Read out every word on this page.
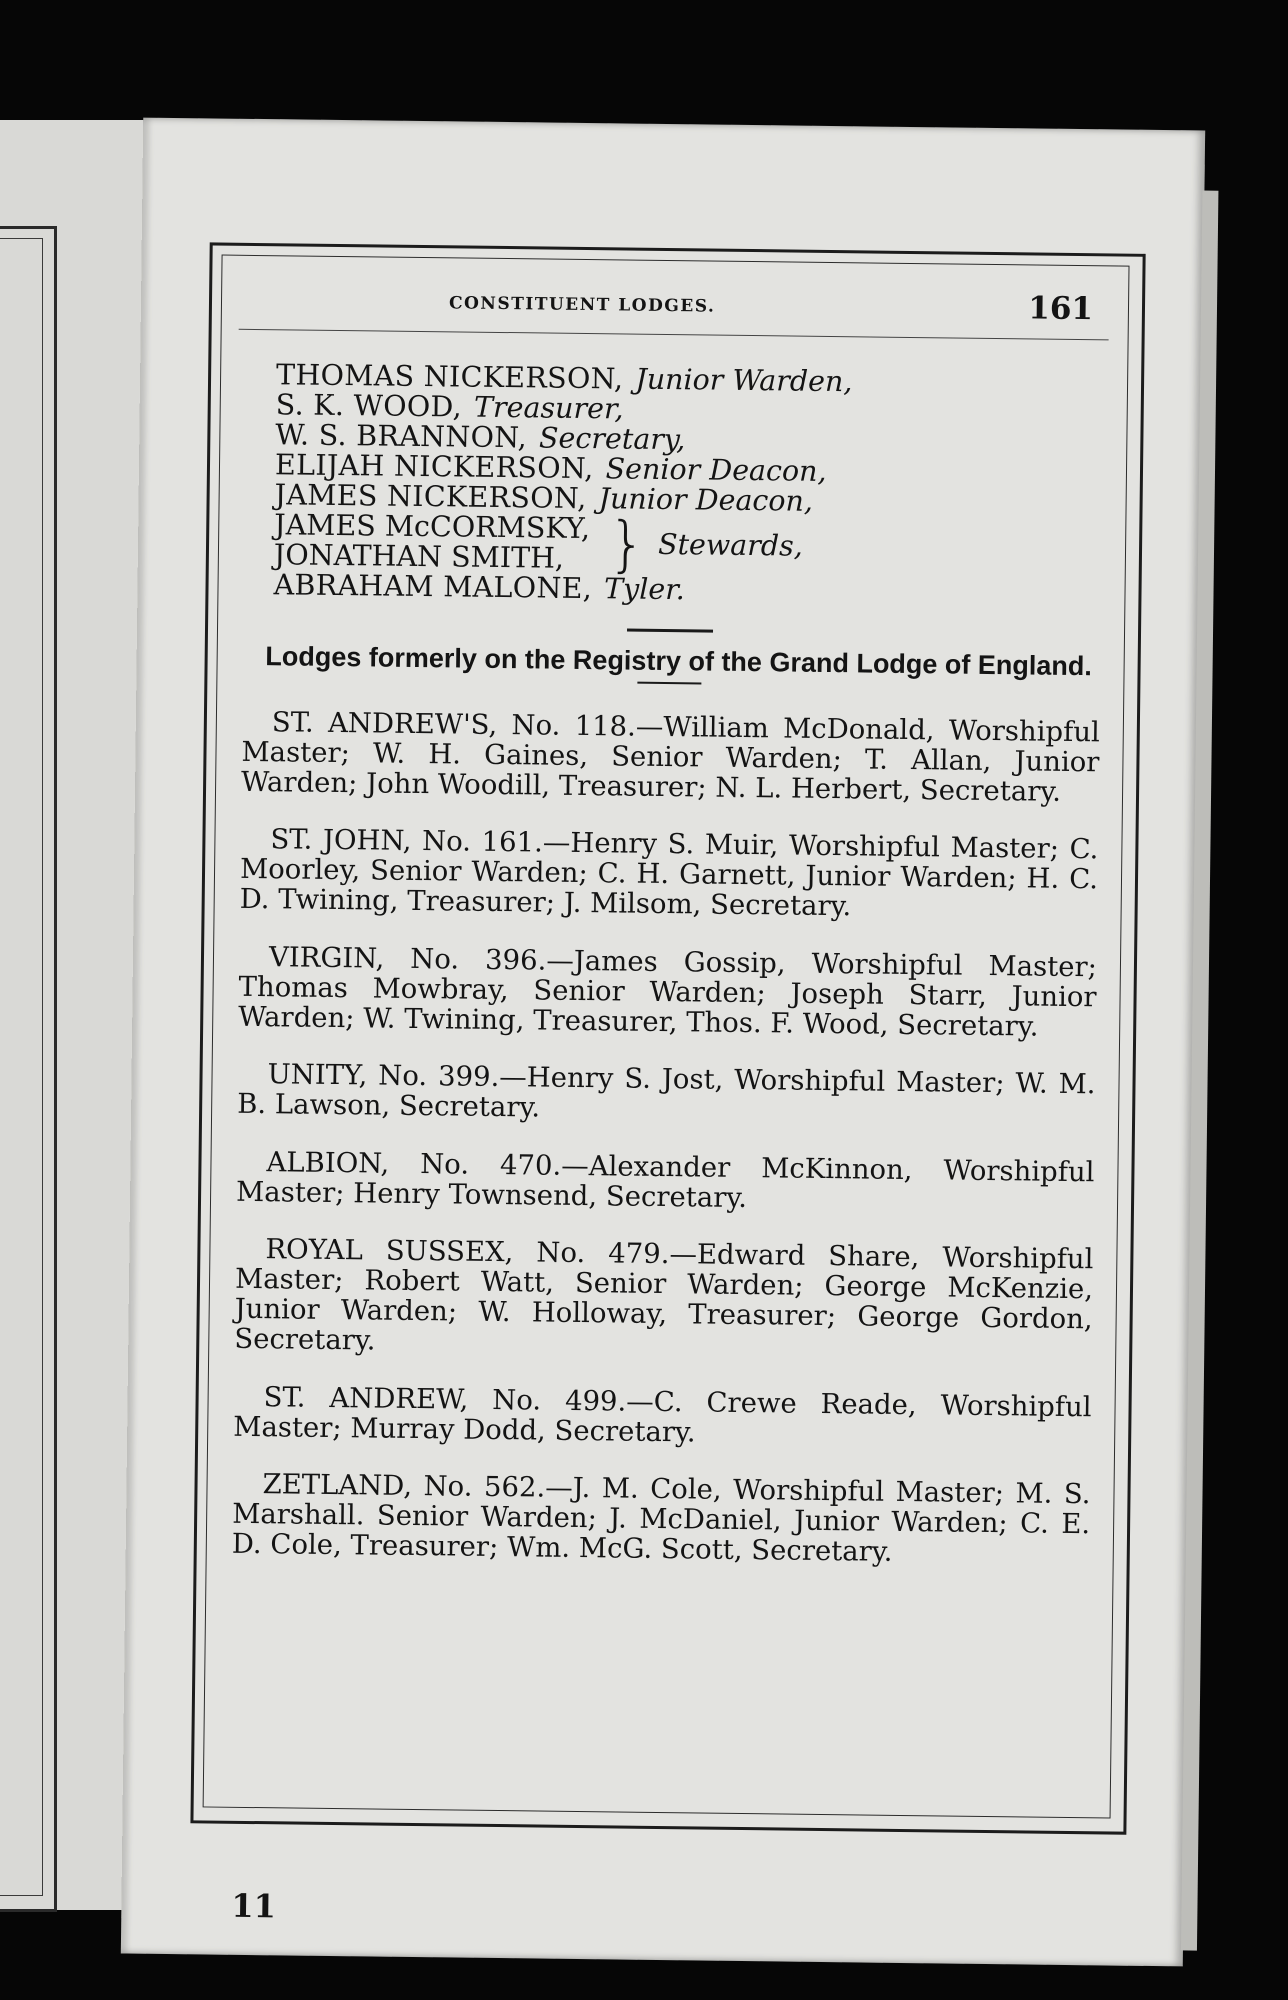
CONSTITUENT LODGES.	161
THOMAS NICKERSON, Junior Warden,
S. K. WOOD, Treasurer,
W. S. BRANNON, Secretary,
ELIJAH NICKERSON, Senior Deacon,
JAMES NICKERSON, Junior Deacon,
JAMES McCORMSKY,
JONATHAN SMITH, } Stewards,
ABRAHAM MALONE, Tyler.
Lodges formerly on the Registry of the Grand Lodge of England.

ST. ANDREW'S, No. 118.—William McDonald, Worshipful Master; W. H. Gaines, Senior Warden; T. Allan, Junior Warden; John Woodill, Treasurer; N. L. Herbert, Secretary.

ST. JOHN, No. 161.—Henry S. Muir, Worshipful Master; C. Moorley, Senior Warden; C. H. Garnett, Junior Warden; H. C. D. Twining, Treasurer; J. Milsom, Secretary.

VIRGIN, No. 396.—James Gossip, Worshipful Master; Thomas Mowbray, Senior Warden; Joseph Starr, Junior Warden; W. Twining, Treasurer, Thos. F. Wood, Secretary.

UNITY, No. 399.—Henry S. Jost, Worshipful Master; W. M. B. Lawson, Secretary.

ALBION, No. 470.—Alexander McKinnon, Worshipful Master; Henry Townsend, Secretary.

ROYAL SUSSEX, No. 479.—Edward Share, Worshipful Master; Robert Watt, Senior Warden; George McKenzie, Junior Warden; W. Holloway, Treasurer; George Gordon, Secretary.

ST. ANDREW, No. 499.—C. Crewe Reade, Worshipful Master; Murray Dodd, Secretary.

ZETLAND, No. 562.—J. M. Cole, Worshipful Master; M. S. Marshall. Senior Warden; J. McDaniel, Junior Warden; C. E. D. Cole, Treasurer; Wm. McG. Scott, Secretary.

11
